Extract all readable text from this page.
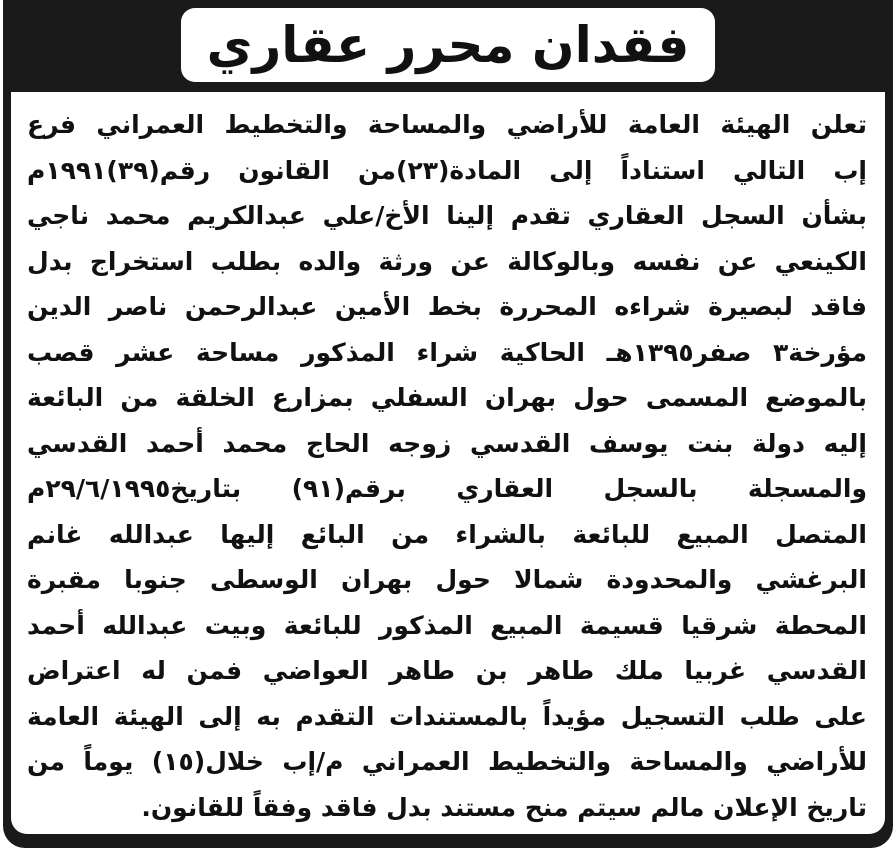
فقدان محرر عقاري
تعلن الهيئة العامة للأراضي والمساحة والتخطيط العمراني فرع
إب التالي استناداً إلى المادة(٢٣)من القانون رقم(٣٩)١٩٩١م
بشأن السجل العقاري تقدم إلينا الأخ/علي عبدالكريم محمد ناجي
الكينعي عن نفسه وبالوكالة عن ورثة والده بطلب استخراج بدل
فاقد لبصيرة شراءه المحررة بخط الأمين عبدالرحمن ناصر الدين
مؤرخة٣ صفر١٣٩٥هـ الحاكية شراء المذكور مساحة عشر قصب
بالموضع المسمى حول بهران السفلي بمزارع الخلقة من البائعة
إليه دولة بنت يوسف القدسي زوجه الحاج محمد أحمد القدسي
والمسجلة بالسجل العقاري برقم(٩١) بتاريخ٢٩/٦/١٩٩٥م
المتصل المبيع للبائعة بالشراء من البائع إليها عبدالله غانم
البرغشي والمحدودة شمالا حول بهران الوسطى جنوبا مقبرة
المحطة شرقيا قسيمة المبيع المذكور للبائعة وبيت عبدالله أحمد
القدسي غربيا ملك طاهر بن طاهر العواضي فمن له اعتراض
على طلب التسجيل مؤيداً بالمستندات التقدم به إلى الهيئة العامة
للأراضي والمساحة والتخطيط العمراني م/إب خلال(١٥) يوماً من
تاريخ الإعلان مالم سيتم منح مستند بدل فاقد وفقاً للقانون.
